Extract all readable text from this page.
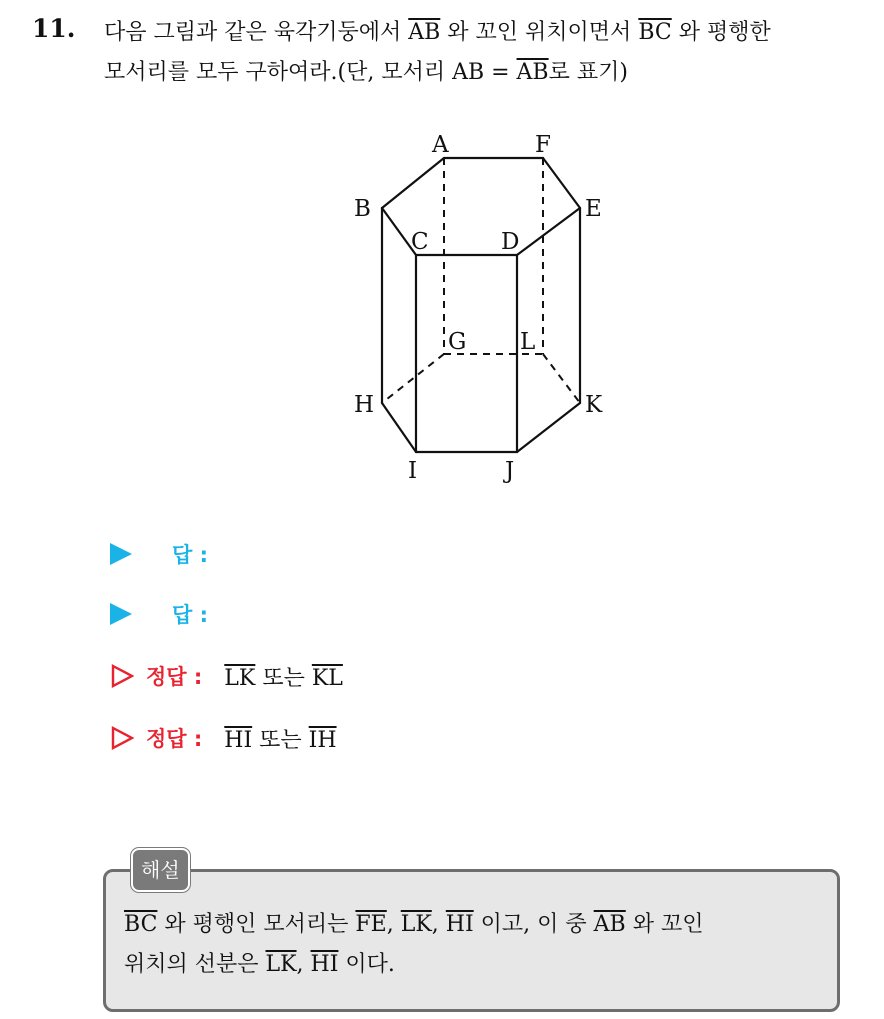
11. 다음 그림과 같은 육각기둥에서 $\overline{AB}$ 와 꼬인 위치이면서 $\overline{BC}$ 와 평행한
모서리를 모두 구하여라.(단, 모서리 AB = $\overline{AB}$로 표기)
A	F
B	E
C	D
G L
H	K
I	J
답 :
답 :
정답 : $\overline{LK}$ 또는 $\overline{KL}$
정답 : $\overline{HI}$ 또는 $\overline{IH}$
해설
$\overline{BC}$ 와 평행인 모서리는 $\overline{FE}$, $\overline{LK}$, $\overline{HI}$ 이고, 이 중 $\overline{AB}$ 와 꼬인
위치의 선분은 $\overline{LK}$, $\overline{HI}$ 이다.
